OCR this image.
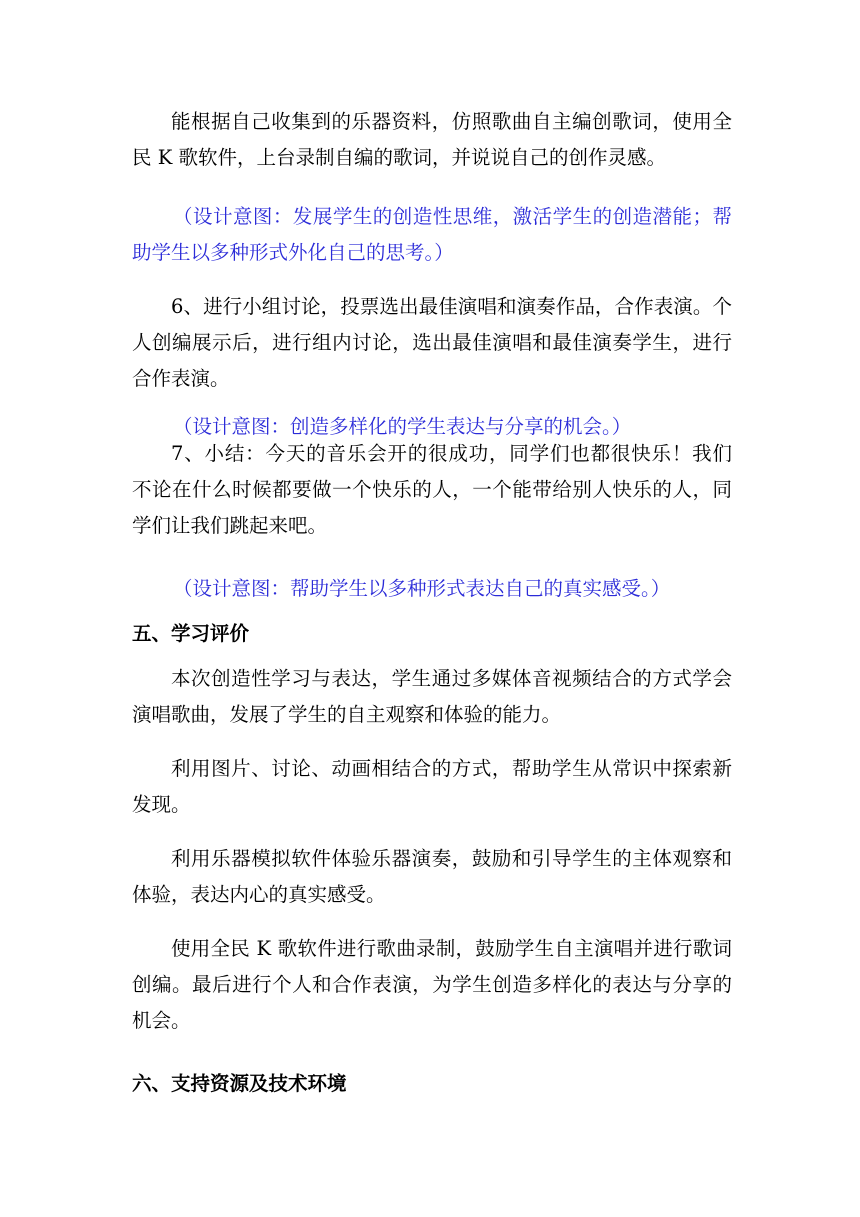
能根据自己收集到的乐器资料，仿照歌曲自主编创歌词，使用全民 K 歌软件，上台录制自编的歌词，并说说自己的创作灵感。

（设计意图：发展学生的创造性思维，激活学生的创造潜能；帮助学生以多种形式外化自己的思考。）

6、进行小组讨论，投票选出最佳演唱和演奏作品，合作表演。个人创编展示后，进行组内讨论，选出最佳演唱和最佳演奏学生，进行合作表演。

（设计意图：创造多样化的学生表达与分享的机会。）

7、小结：今天的音乐会开的很成功，同学们也都很快乐！我们 不论在什么时候都要做一个快乐的人，一个能带给别人快乐的人，同学们让我们跳起来吧。

（设计意图：帮助学生以多种形式表达自己的真实感受。）

五、学习评价

本次创造性学习与表达，学生通过多媒体音视频结合的方式学会演唱歌曲，发展了学生的自主观察和体验的能力。

利用图片、讨论、动画相结合的方式，帮助学生从常识中探索新发现。

利用乐器模拟软件体验乐器演奏，鼓励和引导学生的主体观察和体验，表达内心的真实感受。

使用全民 K 歌软件进行歌曲录制，鼓励学生自主演唱并进行歌词 创编。最后进行个人和合作表演，为学生创造多样化的表达与分享的机会。

六、支持资源及技术环境
